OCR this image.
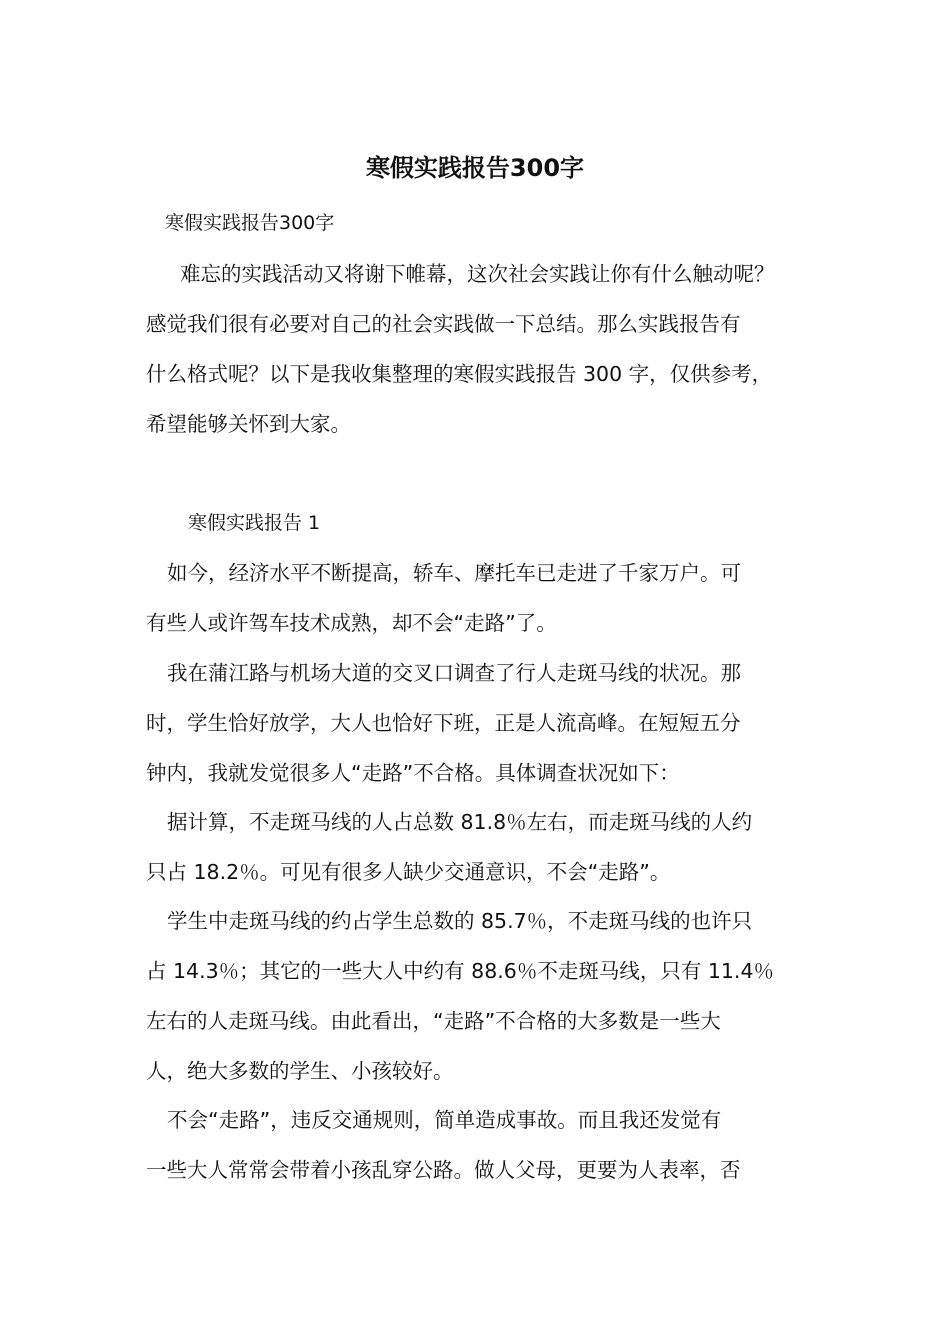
寒假实践报告300字
寒假实践报告300字
难忘的实践活动又将谢下帷幕，这次社会实践让你有什么触动呢？
感觉我们很有必要对自己的社会实践做一下总结。那么实践报告有
什么格式呢？以下是我收集整理的寒假实践报告 300 字，仅供参考，
希望能够关怀到大家。
寒假实践报告 1
如今，经济水平不断提高，轿车、摩托车已走进了千家万户。可
有些人或许驾车技术成熟，却不会“走路”了。
我在蒲江路与机场大道的交叉口调查了行人走斑马线的状况。那
时，学生恰好放学，大人也恰好下班，正是人流高峰。在短短五分
钟内，我就发觉很多人“走路”不合格。具体调查状况如下：
据计算，不走斑马线的人占总数 81.8％左右，而走斑马线的人约
只占 18.2％。可见有很多人缺少交通意识，不会“走路”。
学生中走斑马线的约占学生总数的 85.7％，不走斑马线的也许只
占 14.3％；其它的一些大人中约有 88.6％不走斑马线，只有 11.4％
左右的人走斑马线。由此看出，“走路”不合格的大多数是一些大
人，绝大多数的学生、小孩较好。
不会“走路”，违反交通规则，简单造成事故。而且我还发觉有
一些大人常常会带着小孩乱穿公路。做人父母，更要为人表率，否
